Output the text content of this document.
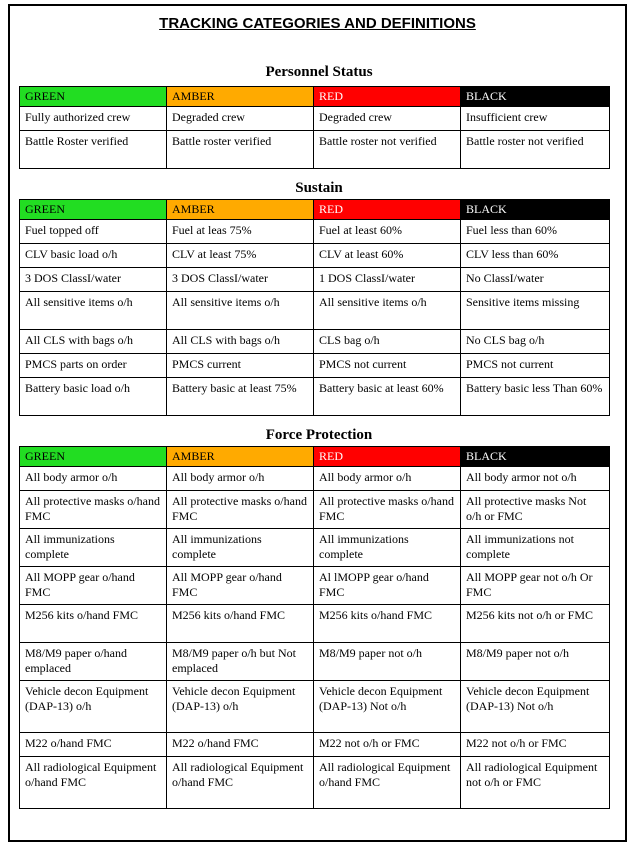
TRACKING CATEGORIES AND DEFINITIONS
Personnel Status
GREEN	AMBER	RED	BLACK
Fully authorized crew	Degraded crew	Degraded crew	Insufficient crew
Battle Roster verified	Battle roster verified	Battle roster not verified	Battle roster not verified
Sustain
GREEN	AMBER	RED	BLACK
Fuel topped off	Fuel at leas 75%	Fuel at least 60%	Fuel less than 60%
CLV basic load o/h	CLV at least 75%	CLV at least 60%	CLV less than 60%
3 DOS ClassI/water	3 DOS ClassI/water	1 DOS ClassI/water	No ClassI/water
All sensitive items o/h	All sensitive items o/h	All sensitive items o/h	Sensitive items missing
All CLS with bags o/h	All CLS with bags o/h	CLS bag o/h	No CLS bag o/h
PMCS parts on order	PMCS current	PMCS not current	PMCS not current
Battery basic load o/h	Battery basic at least 75%	Battery basic at least 60%	Battery basic less Than 60%
Force Protection
GREEN	AMBER	RED	BLACK
All body armor o/h	All body armor o/h	All body armor o/h	All body armor not o/h
All protective masks o/hand FMC	All protective masks o/hand FMC	All protective masks o/hand FMC	All protective masks Not o/h or FMC
All immunizations complete	All immunizations complete	All immunizations complete	All immunizations not complete
All MOPP gear o/hand FMC	All MOPP gear o/hand FMC	Al lMOPP gear o/hand FMC	All MOPP gear not o/h Or FMC
M256 kits o/hand FMC	M256 kits o/hand FMC	M256 kits o/hand FMC	M256 kits not o/h or FMC
M8/M9 paper o/hand emplaced	M8/M9 paper o/h but Not emplaced	M8/M9 paper not o/h	M8/M9 paper not o/h
Vehicle decon Equipment (DAP-13) o/h	Vehicle decon Equipment (DAP-13) o/h	Vehicle decon Equipment (DAP-13) Not o/h	Vehicle decon Equipment (DAP-13) Not o/h
M22 o/hand FMC	M22 o/hand FMC	M22 not o/h or FMC	M22 not o/h or FMC
All radiological Equipment o/hand FMC	All radiological Equipment o/hand FMC	All radiological Equipment o/hand FMC	All radiological Equipment not o/h or FMC
